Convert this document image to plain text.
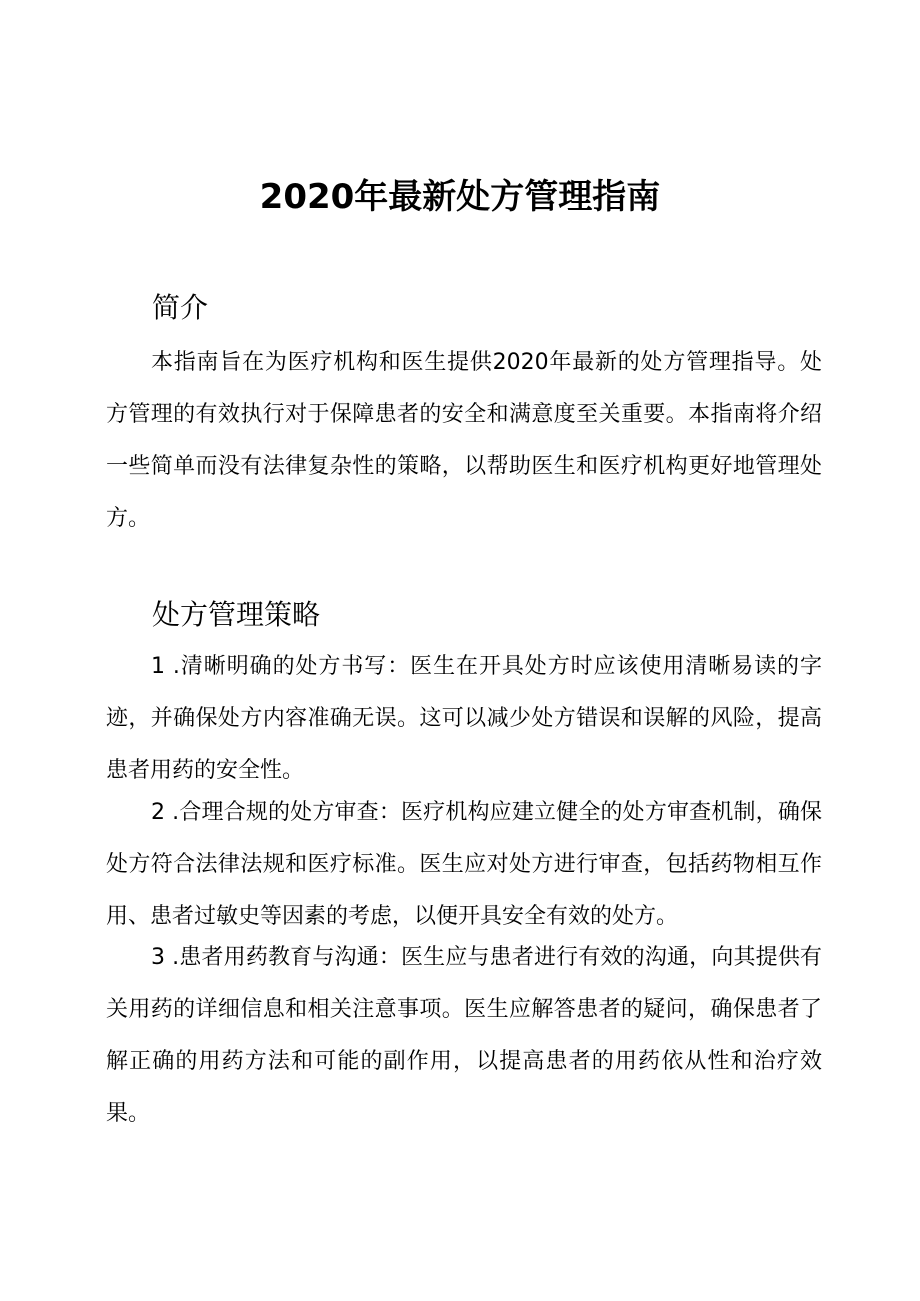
2020年最新处方管理指南
简介

本指南旨在为医疗机构和医生提供2020年最新的处方管理指导。处方管理的有效执行对于保障患者的安全和满意度至关重要。本指南将介绍一些简单而没有法律复杂性的策略，以帮助医生和医疗机构更好地管理处方。

处方管理策略

1 .清晰明确的处方书写：医生在开具处方时应该使用清晰易读的字迹，并确保处方内容准确无误。这可以减少处方错误和误解的风险，提高患者用药的安全性。

2 .合理合规的处方审查：医疗机构应建立健全的处方审查机制，确保处方符合法律法规和医疗标准。医生应对处方进行审查，包括药物相互作用、患者过敏史等因素的考虑，以便开具安全有效的处方。

3 .患者用药教育与沟通：医生应与患者进行有效的沟通，向其提供有关用药的详细信息和相关注意事项。医生应解答患者的疑问，确保患者了解正确的用药方法和可能的副作用，以提高患者的用药依从性和治疗效果。
